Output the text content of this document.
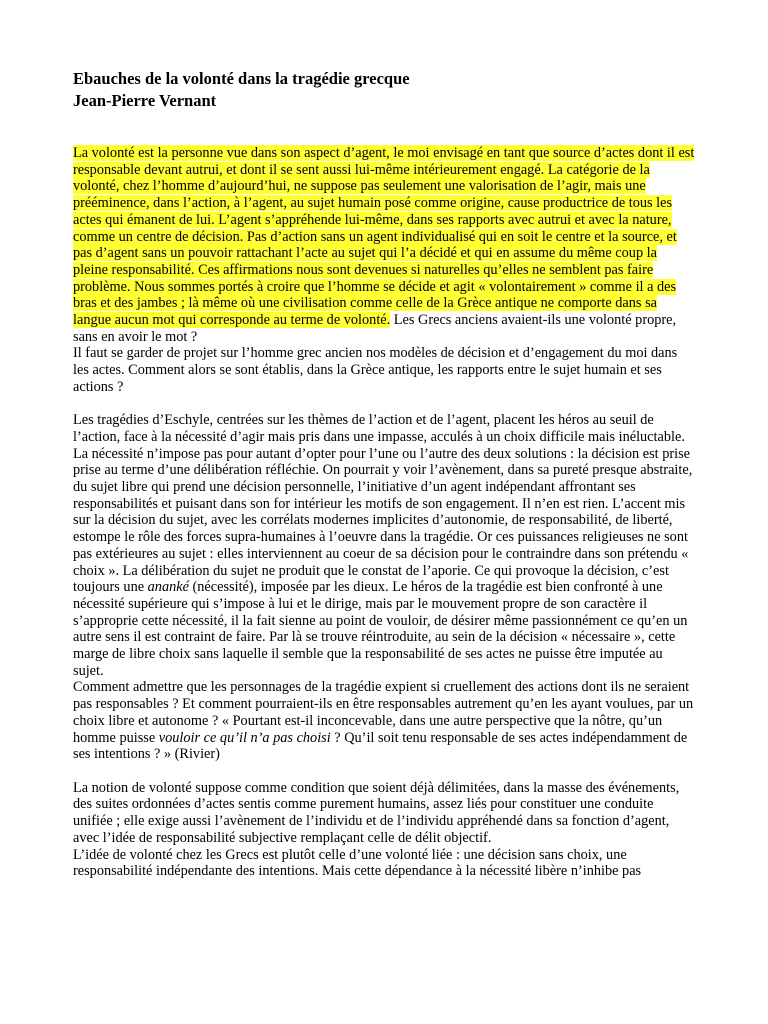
Ebauches de la volonté dans la tragédie grecque
Jean-Pierre Vernant

La volonté est la personne vue dans son aspect d’agent, le moi envisagé en tant que source d’actes dont il est responsable devant autrui, et dont il se sent aussi lui-même intérieurement engagé. La catégorie de la volonté, chez l’homme d’aujourd’hui, ne suppose pas seulement une valorisation de l’agir, mais une prééminence, dans l’action, à l’agent, au sujet humain posé comme origine, cause productrice de tous les actes qui émanent de lui. L’agent s’appréhende lui-même, dans ses rapports avec autrui et avec la nature, comme un centre de décision. Pas d’action sans un agent individualisé qui en soit le centre et la source, et pas d’agent sans un pouvoir rattachant l’acte au sujet qui l’a décidé et qui en assume du même coup la pleine responsabilité. Ces affirmations nous sont devenues si naturelles qu’elles ne semblent pas faire problème. Nous sommes portés à croire que l’homme se décide et agit « volontairement » comme il a des bras et des jambes ; là même où une civilisation comme celle de la Grèce antique ne comporte dans sa langue aucun mot qui corresponde au terme de volonté. Les Grecs anciens avaient-ils une volonté propre, sans en avoir le mot ?

Il faut se garder de projet sur l’homme grec ancien nos modèles de décision et d’engagement du moi dans les actes. Comment alors se sont établis, dans la Grèce antique, les rapports entre le sujet humain et ses actions ?

Les tragédies d’Eschyle, centrées sur les thèmes de l’action et de l’agent, placent les héros au seuil de l’action, face à la nécessité d’agir mais pris dans une impasse, acculés à un choix difficile mais inéluctable. La nécessité n’impose pas pour autant d’opter pour l’une ou l’autre des deux solutions : la décision est prise prise au terme d’une délibération réfléchie. On pourrait y voir l’avènement, dans sa pureté presque abstraite, du sujet libre qui prend une décision personnelle, l’initiative d’un agent indépendant affrontant ses responsabilités et puisant dans son for intérieur les motifs de son engagement. Il n’en est rien. L’accent mis sur la décision du sujet, avec les corrélats modernes implicites d’autonomie, de responsabilité, de liberté, estompe le rôle des forces supra-humaines à l’oeuvre dans la tragédie. Or ces puissances religieuses ne sont pas extérieures au sujet : elles interviennent au coeur de sa décision pour le contraindre dans son prétendu « choix ». La délibération du sujet ne produit que le constat de l’aporie. Ce qui provoque la décision, c’est toujours une ananké (nécessité), imposée par les dieux. Le héros de la tragédie est bien confronté à une nécessité supérieure qui s’impose à lui et le dirige, mais par le mouvement propre de son caractère il s’approprie cette nécessité, il la fait sienne au point de vouloir, de désirer même passionnément ce qu’en un autre sens il est contraint de faire. Par là se trouve réintroduite, au sein de la décision « nécessaire », cette marge de libre choix sans laquelle il semble que la responsabilité de ses actes ne puisse être imputée au sujet.

Comment admettre que les personnages de la tragédie expient si cruellement des actions dont ils ne seraient pas responsables ? Et comment pourraient-ils en être responsables autrement qu’en les ayant voulues, par un choix libre et autonome ? « Pourtant est-il inconcevable, dans une autre perspective que la nôtre, qu’un homme puisse vouloir ce qu’il n’a pas choisi ? Qu’il soit tenu responsable de ses actes indépendamment de ses intentions ? » (Rivier)

La notion de volonté suppose comme condition que soient déjà délimitées, dans la masse des événements, des suites ordonnées d’actes sentis comme purement humains, assez liés pour constituer une conduite unifiée ; elle exige aussi l’avènement de l’individu et de l’individu appréhendé dans sa fonction d’agent, avec l’idée de responsabilité subjective remplaçant celle de délit objectif.

L’idée de volonté chez les Grecs est plutôt celle d’une volonté liée : une décision sans choix, une responsabilité indépendante des intentions. Mais cette dépendance à la nécessité libère n’inhibe pas
